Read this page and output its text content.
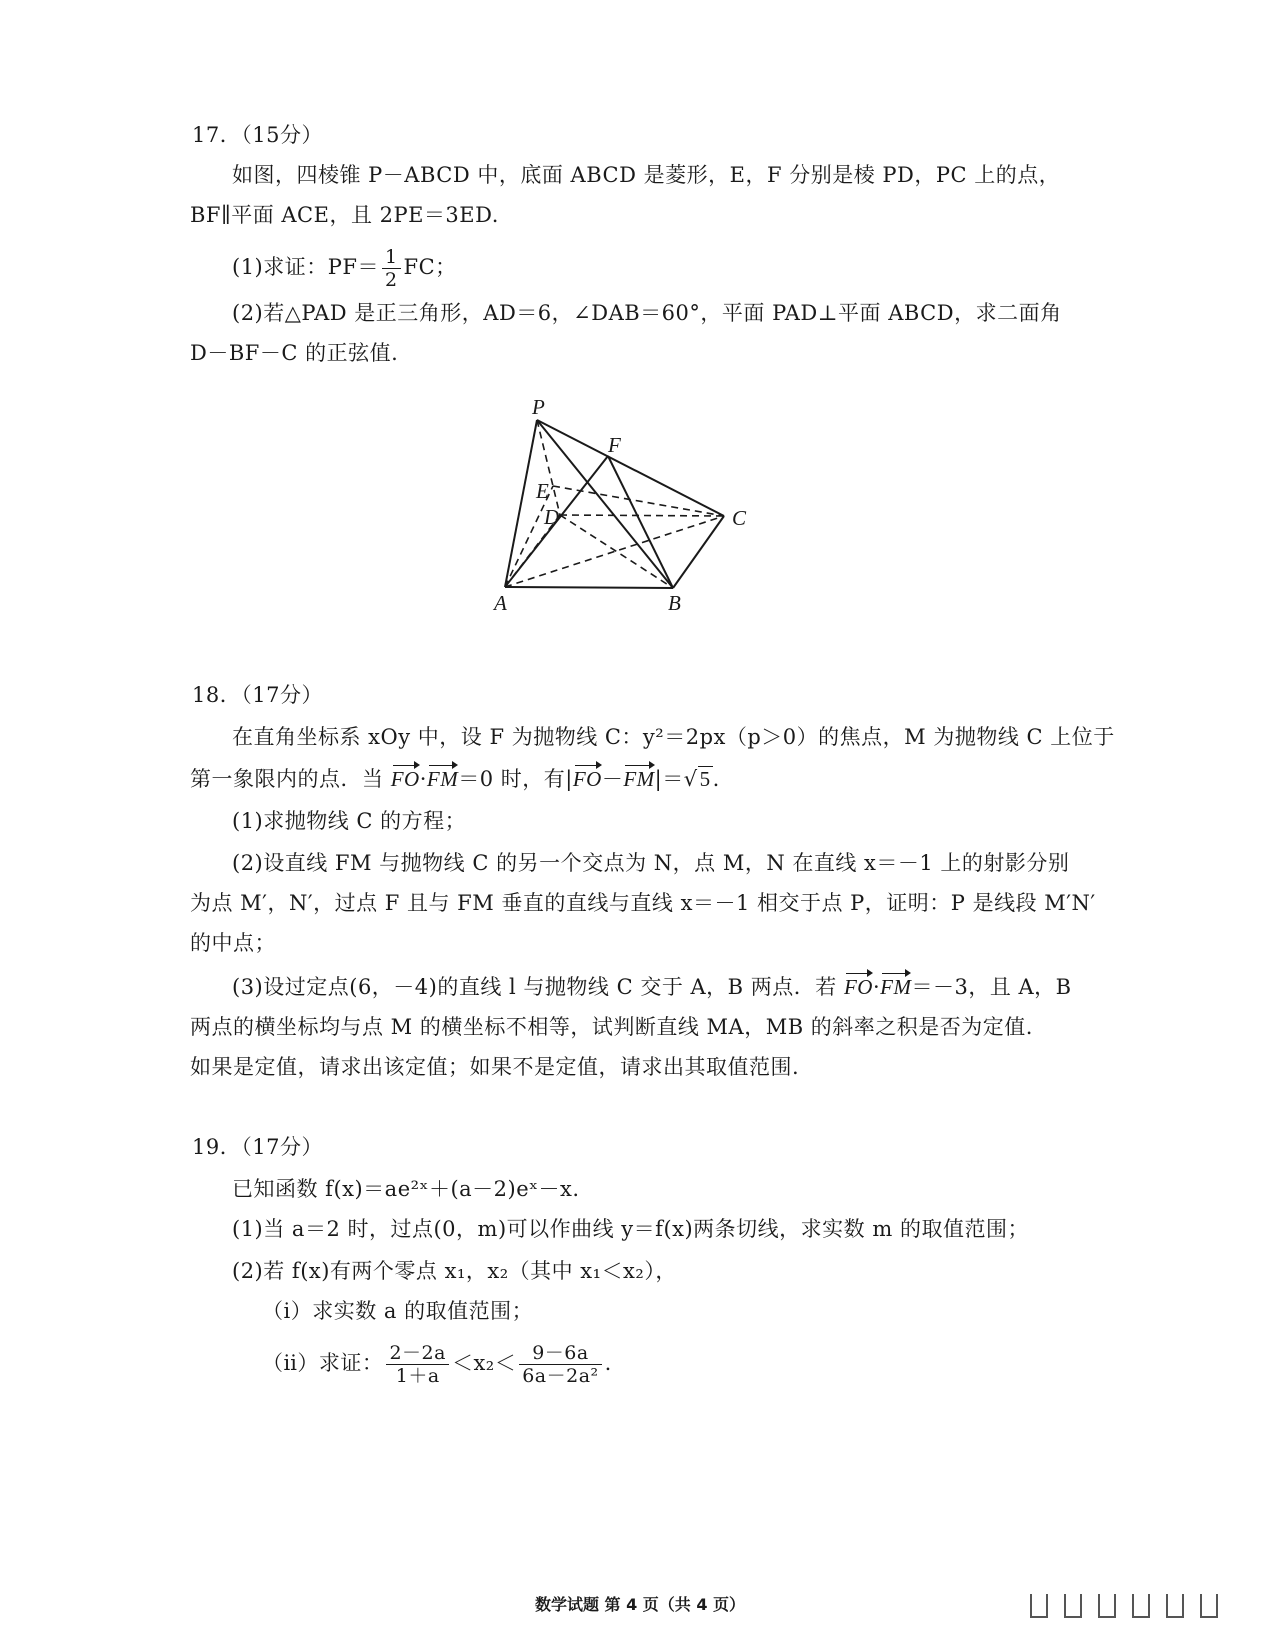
17．（15分）
如图，四棱锥 P－ABCD 中，底面 ABCD 是菱形，E，F 分别是棱 PD，PC 上的点，
BF∥平面 ACE，且 2PE＝3ED.
(1)求证：$PF= \frac{1}{2}$ FC；
(2)若△PAD 是正三角形，AD＝6，∠DAB＝60°，平面 PAD⊥平面 ABCD，求二面角
D－BF－C 的正弦值.
P
F
E
D	C
A	B
18．（17分）
在直角坐标系 xOy 中，设 F 为抛物线 C：y²＝2px（p＞0）的焦点，M 为抛物线 C 上位于
第一象限内的点．当 FO·FM＝0 时，有|FO－FM|＝√5.
(1)求抛物线 C 的方程；
(2)设直线 FM 与抛物线 C 的另一个交点为 N，点 M，N 在直线 x＝－1 上的射影分别
为点 M′，N′，过点 F 且与 FM 垂直的直线与直线 x＝－1 相交于点 P，证明：P 是线段 M′N′
的中点；
(3)设过定点(6，－4)的直线 l 与抛物线 C 交于 A，B 两点．若 FO·FM＝－3，且 A，B
两点的横坐标均与点 M 的横坐标不相等，试判断直线 MA，MB 的斜率之积是否为定值.
如果是定值，请求出该定值；如果不是定值，请求出其取值范围.
19．（17分）
已知函数 f(x)＝ae²ˣ＋(a－2)eˣ－x.
(1)当 a＝2 时，过点(0，m)可以作曲线 y＝f(x)两条切线，求实数 m 的取值范围；
(2)若 f(x)有两个零点 x₁，x₂（其中 x₁＜x₂），
（ⅰ）求实数 a 的取值范围；
（ⅱ）求证： $\frac{2-2a}{1+a} <x_2< \frac{9-6a}{\text{6a－2a²}}$ .
数学试题 第 4 页（共 4 页）
